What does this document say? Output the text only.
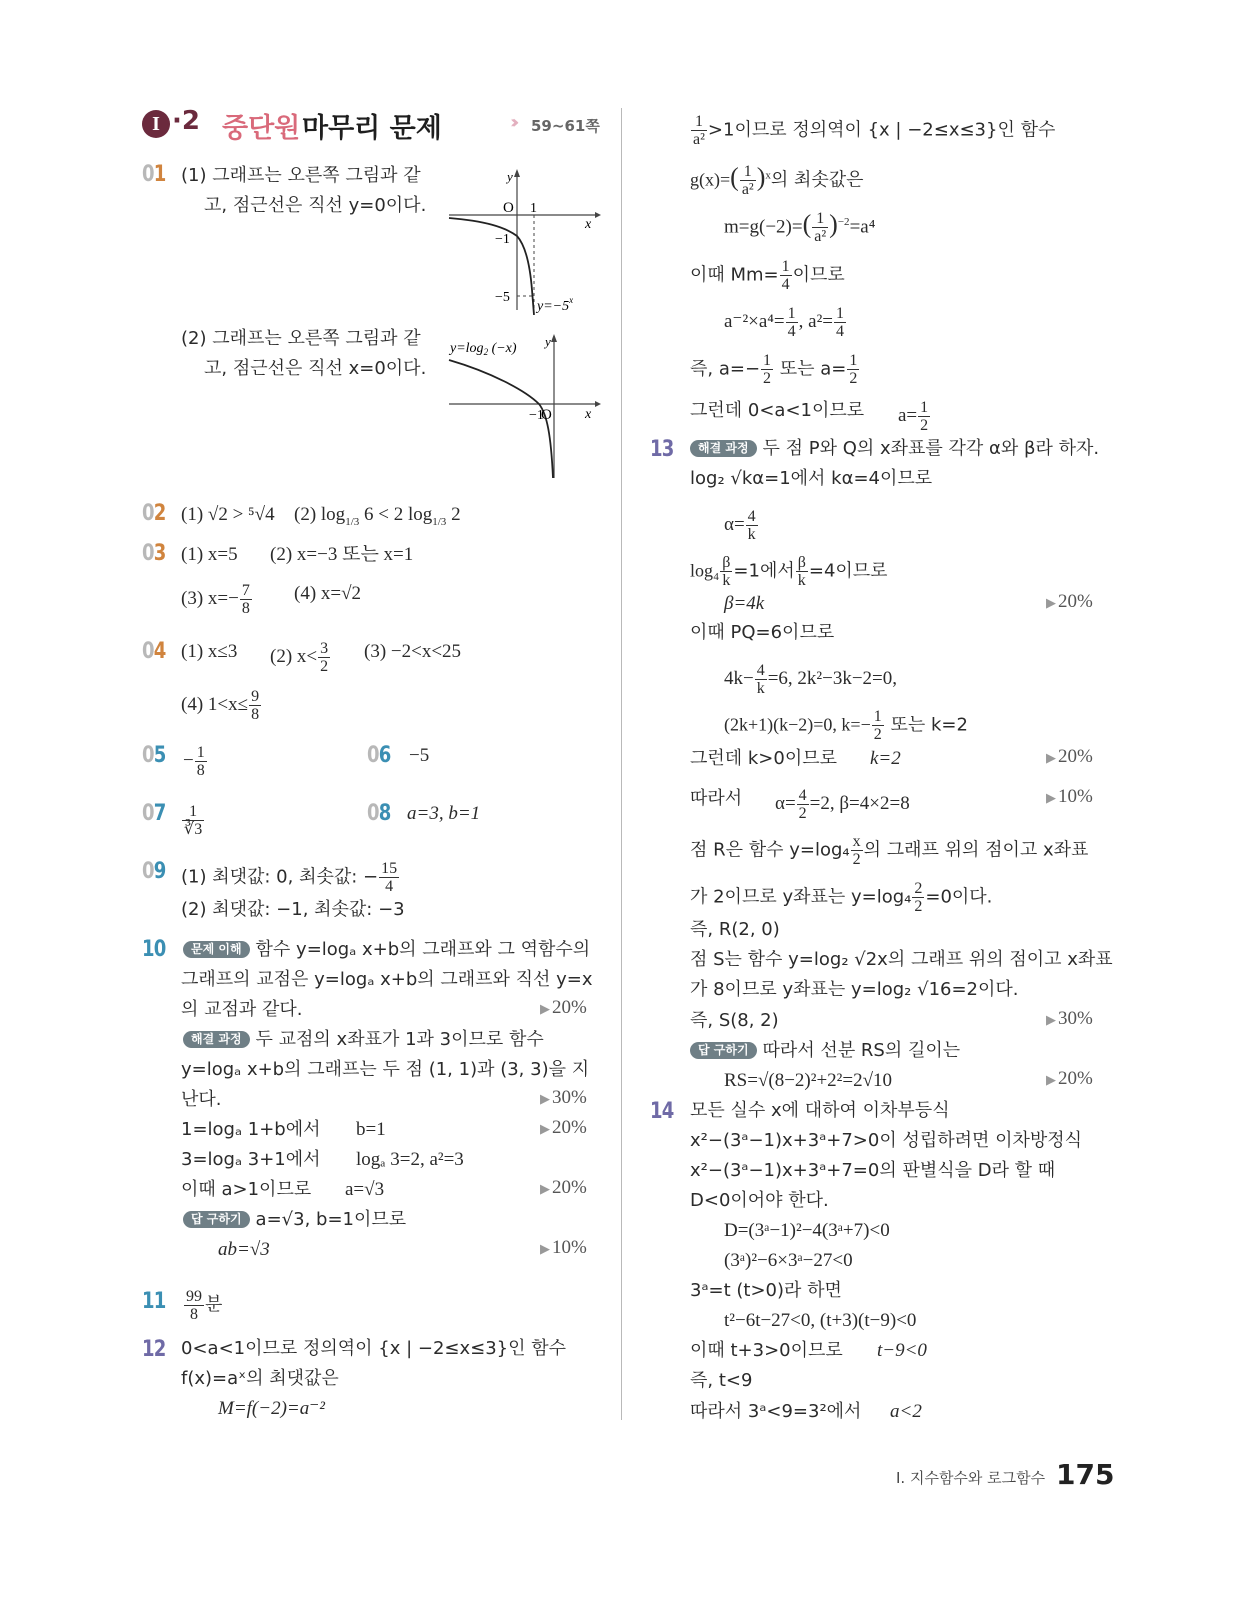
I ·2 중단원 마무리 문제	››› 59~61쪽
01 (1) 그래프는 오른쪽 그림과 같
고, 점근선은 직선 y=0이다.
y
O 1
x
−1
−5
$y=-5^x$
(2) 그래프는 오른쪽 그림과 같
고, 점근선은 직선 x=0이다.
$y=\log_2$ (−x) y
−1
O x
02 (1) √2 > ⁵√4 (2) $\log_{1/3} 6 < 2$ $\log_{1/3} 2$
03 (1) x=5 (2) x=−3 또는 x=1
(3) $x=- \frac{7}{8} (4)$ x=√2
04 (1) x≤3 (2) $x< \frac{3}{2} (3) -2<x<25$
(4) $1<x\le \frac{9}{8}$
$05 - \frac{1}{8}$	06 −5
$07 \frac{1}{∛3}$	08 a=3, b=1
09 (1) 최댓값: 0, 최솟값: − $\frac{15}{4}$
(2) 최댓값: −1, 최솟값: −3
10	문제 이해 함수 y=logₐ x+b의 그래프와 그 역함수의
그래프의 교점은 y=logₐ x+b의 그래프와 직선 y=x
의 교점과 같다.	▶ 20%
해결 과정 두 교점의 x좌표가 1과 3이므로 함수
y=logₐ x+b의 그래프는 두 점 (1, 1)과 (3, 3)을 지
난다.	▶ 30%
1=logₐ 1+b에서 b=1	▶ 20%
3=logₐ 3+1에서 logₐ 3=2, a²=3
이때 a>1이므로 a=√3	▶ 20%
답 구하기 a=√3, b=1이므로
ab=√3	▶ 10%
$11 \frac{99}{8}$ 분
12 0<a<1이므로 정의역이 {x | −2≤x≤3}인 함수
f(x)=aˣ의 최댓값은
M=f(−2)=a⁻²
$\frac{1}{\text{a²}} >1$이므로 정의역이 {x | −2≤x≤3}인 함수
$g(x)=( \frac{1}{\text{a²}} )^x$의 최솟값은
$m=g(-2)=( \frac{1}{\text{a²}} )^{-2}=a^4$
이때 $Mm= \frac{1}{4}$ 이므로
$a^{-2}\times a^4= \frac{1}{4}$ , $a^2= \frac{1}{4}$
즉, $a=- \frac{1}{2}$ 또는 $a= \frac{1}{2}$
그런데 0<a<1이므로 $a= \frac{1}{2}$
13	해결 과정 두 점 P와 Q의 x좌표를 각각 α와 β라 하자.
log₂ √kα=1에서 kα=4이므로
$\alpha= \frac{4}{k}$
$\log_4 \frac{\beta}{k} =1$에서 $\frac{\beta}{k} =4$이므로
β=4k	▶ 20%
이때 PQ=6이므로
$4k- \frac{4}{k} =6$, 2k²−3k−2=0,
(2k+1)(k−2)=0, $k=- \frac{1}{2}$ 또는 k=2
그런데 k>0이므로 k=2	▶ 20%
따라서 $\alpha= \frac{4}{2} =2$, β=4×2=8	▶ 10%
점 R은 함수 $y=\log_4 \frac{x}{2}$ 의 그래프 위의 점이고 x좌표
가 2이므로 y좌표는 $y=\log_4 \frac{2}{2} =0$이다.
즉, R(2, 0)
점 S는 함수 y=log₂ √2x의 그래프 위의 점이고 x좌표
가 8이므로 y좌표는 y=log₂ √16=2이다.
즉, S(8, 2)	▶ 30%
답 구하기 따라서 선분 RS의 길이는
RS=√(8−2)²+2²=2√10	▶ 20%
14 모든 실수 x에 대하여 이차부등식
x²−(3ᵃ−1)x+3ᵃ+7>0이 성립하려면 이차방정식
x²−(3ᵃ−1)x+3ᵃ+7=0의 판별식을 D라 할 때
D<0이어야 한다.
D=(3ᵃ−1)²−4(3ᵃ+7)<0
(3ᵃ)²−6×3ᵃ−27<0
3ᵃ=t (t>0)라 하면
t²−6t−27<0, (t+3)(t−9)<0
이때 t+3>0이므로 t−9<0
즉, t<9
따라서 3ᵃ<9=3²에서 a<2
I. 지수함수와 로그함수 175
